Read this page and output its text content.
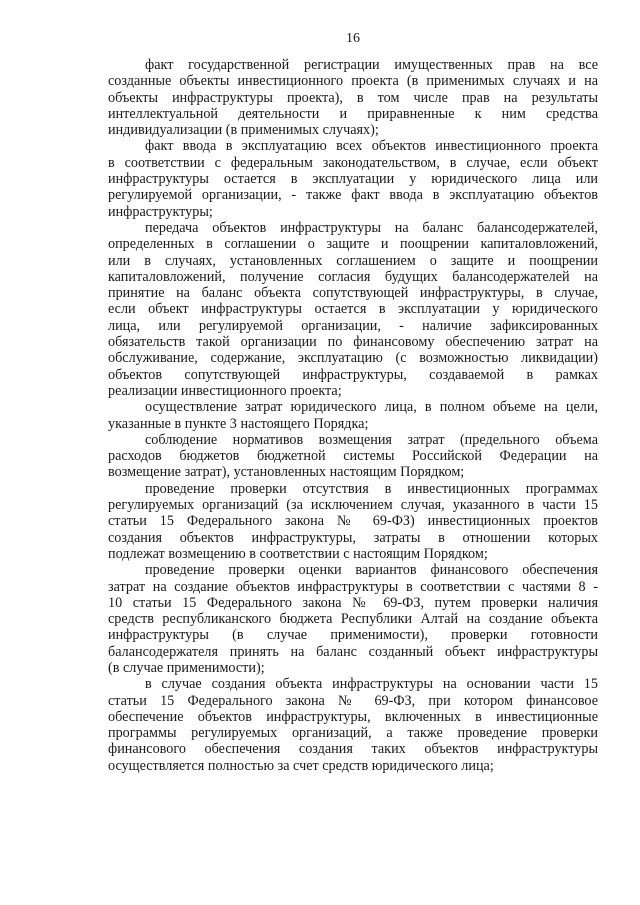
16

факт государственной регистрации имущественных прав на все
созданные объекты инвестиционного проекта (в применимых случаях и на
объекты инфраструктуры проекта), в том числе прав на результаты
интеллектуальной деятельности и приравненные к ним средства
индивидуализации (в применимых случаях);

факт ввода в эксплуатацию всех объектов инвестиционного проекта
в соответствии с федеральным законодательством, в случае, если объект
инфраструктуры остается в эксплуатации у юридического лица или
регулируемой организации, - также факт ввода в эксплуатацию объектов
инфраструктуры;

передача объектов инфраструктуры на баланс балансодержателей,
определенных в соглашении о защите и поощрении капиталовложений,
или в случаях, установленных соглашением о защите и поощрении
капиталовложений, получение согласия будущих балансодержателей на
принятие на баланс объекта сопутствующей инфраструктуры, в случае,
если объект инфраструктуры остается в эксплуатации у юридического
лица, или регулируемой организации, - наличие зафиксированных
обязательств такой организации по финансовому обеспечению затрат на
обслуживание, содержание, эксплуатацию (с возможностью ликвидации)
объектов сопутствующей инфраструктуры, создаваемой в рамках
реализации инвестиционного проекта;

осуществление затрат юридического лица, в полном объеме на цели,
указанные в пункте 3 настоящего Порядка;

соблюдение нормативов возмещения затрат (предельного объема
расходов бюджетов бюджетной системы Российской Федерации на
возмещение затрат), установленных настоящим Порядком;

проведение проверки отсутствия в инвестиционных программах
регулируемых организаций (за исключением случая, указанного в части 15
статьи 15 Федерального закона № 69-ФЗ) инвестиционных проектов
создания объектов инфраструктуры, затраты в отношении которых
подлежат возмещению в соответствии с настоящим Порядком;

проведение проверки оценки вариантов финансового обеспечения
затрат на создание объектов инфраструктуры в соответствии с частями 8 -
10 статьи 15 Федерального закона № 69-ФЗ, путем проверки наличия
средств республиканского бюджета Республики Алтай на создание объекта
инфраструктуры (в случае применимости), проверки готовности
балансодержателя принять на баланс созданный объект инфраструктуры
(в случае применимости);

в случае создания объекта инфраструктуры на основании части 15
статьи 15 Федерального закона № 69-ФЗ, при котором финансовое
обеспечение объектов инфраструктуры, включенных в инвестиционные
программы регулируемых организаций, а также проведение проверки
финансового обеспечения создания таких объектов инфраструктуры
осуществляется полностью за счет средств юридического лица;
